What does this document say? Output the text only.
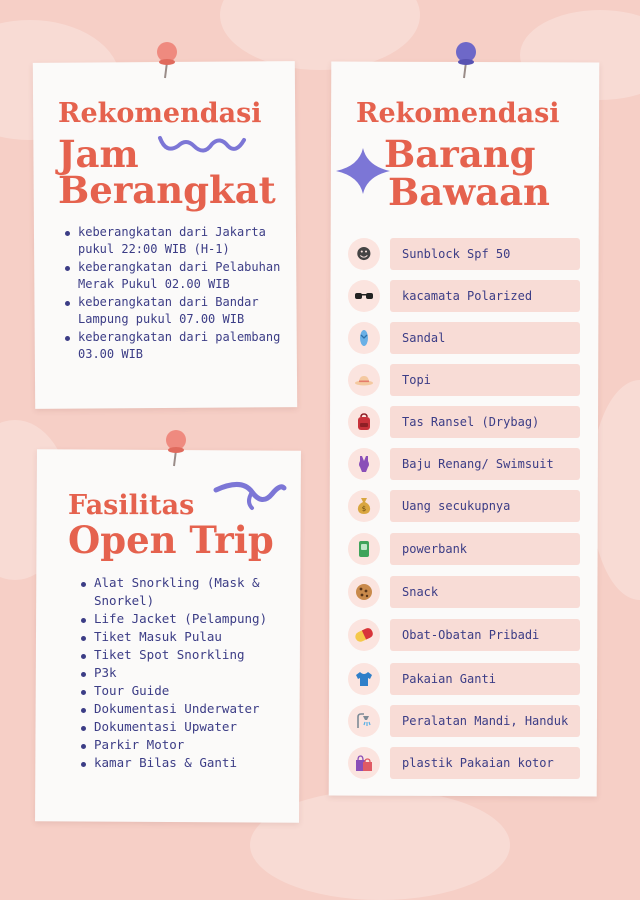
Rekomendasi
Jam
Berangkat
keberangkatan dari Jakarta pukul 22:00 WIB (H-1)
keberangkatan dari Pelabuhan Merak Pukul 02.00 WIB
keberangkatan dari Bandar Lampung pukul 07.00 WIB
keberangkatan dari palembang 03.00 WIB
Fasilitas
Open Trip
Alat Snorkling (Mask & Snorkel)
Life Jacket (Pelampung)
Tiket Masuk Pulau
Tiket Spot Snorkling
P3k
Tour Guide
Dokumentasi Underwater
Dokumentasi Upwater
Parkir Motor
kamar Bilas & Ganti
Rekomendasi
Barang
Bawaan
☻	Sunblock Spf 50
kacamata Polarized
Sandal
Topi
Tas Ransel (Drybag)
Baju Renang/ Swimsuit
$	Uang secukupnya
powerbank
Snack
Obat-Obatan Pribadi
Pakaian Ganti
Peralatan Mandi, Handuk
plastik Pakaian kotor
